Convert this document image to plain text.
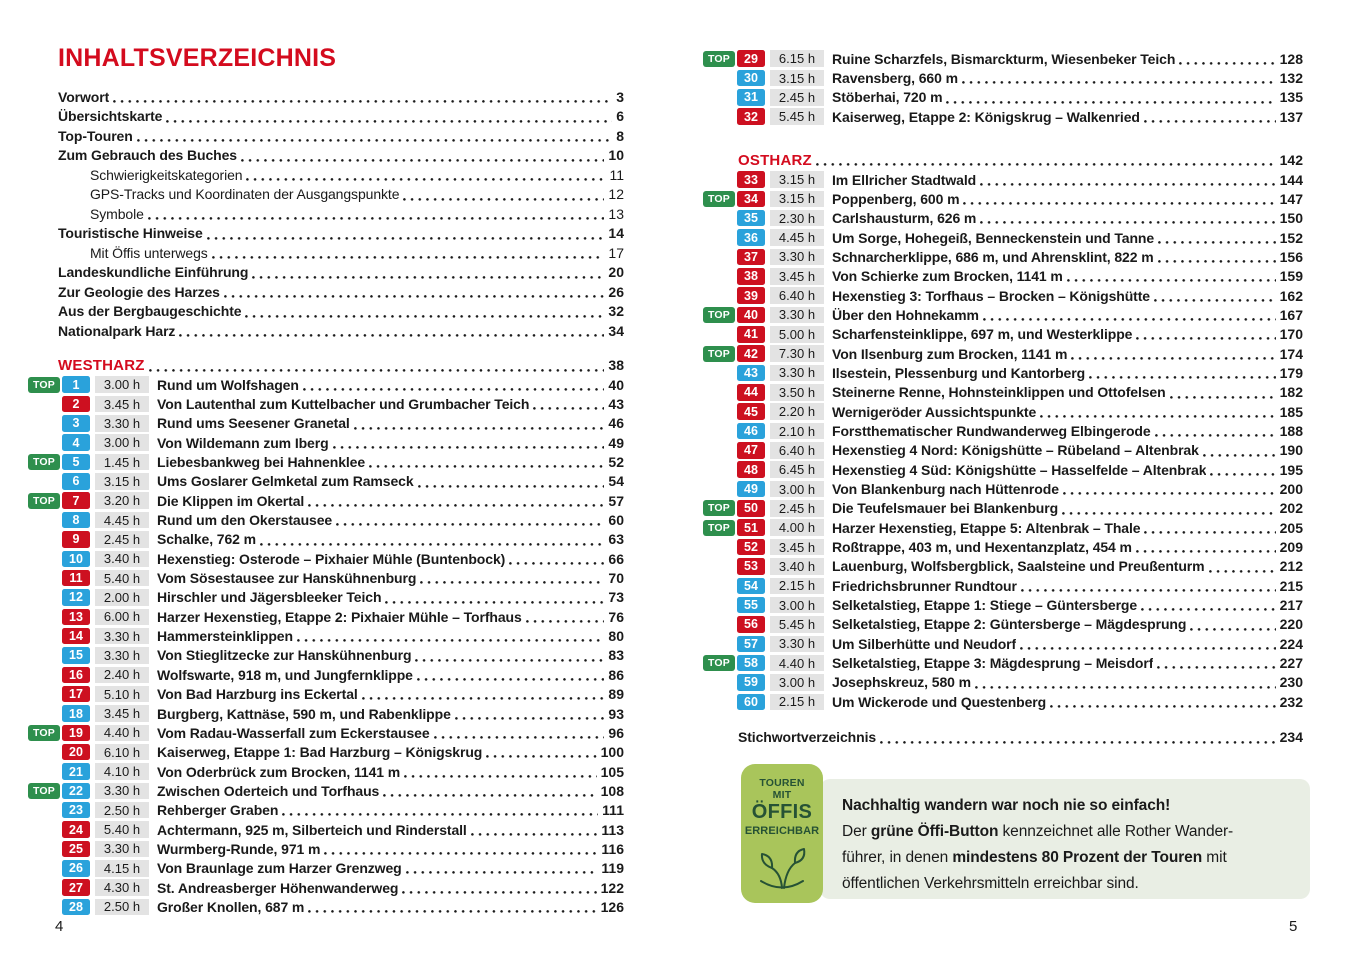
INHALTSVERZEICHNIS
Vorwort	3
Übersichtskarte	6
Top-Touren	8
Zum Gebrauch des Buches	10
Schwierigkeitskategorien	11
GPS-Tracks und Koordinaten der Ausgangspunkte	12
Symbole	13
Touristische Hinweise	14
Mit Öffis unterwegs	17
Landeskundliche Einführung	20
Zur Geologie des Harzes	26
Aus der Bergbaugeschichte	32
Nationalpark Harz	34
WESTHARZ	38
TOP	1	3.00 h	Rund um Wolfshagen	40
2	3.45 h	Von Lautenthal zum Kuttelbacher und Grumbacher Teich	43
3	3.30 h	Rund ums Seesener Granetal	46
4	3.00 h	Von Wildemann zum Iberg	49
TOP	5	1.45 h	Liebesbankweg bei Hahnenklee	52
6	3.15 h	Ums Goslarer Gelmketal zum Ramseck	54
TOP	7	3.20 h	Die Klippen im Okertal	57
8	4.45 h	Rund um den Okerstausee	60
9	2.45 h	Schalke, 762 m	63
10	3.40 h	Hexenstieg: Osterode – Pixhaier Mühle (Buntenbock)	66
11	5.40 h	Vom Sösestausee zur Hanskühnenburg	70
12	2.00 h	Hirschler und Jägersbleeker Teich	73
13	6.00 h	Harzer Hexenstieg, Etappe 2: Pixhaier Mühle – Torfhaus	76
14	3.30 h	Hammersteinklippen	80
15	3.30 h	Von Stieglitzecke zur Hanskühnenburg	83
16	2.40 h	Wolfswarte, 918 m, und Jungfernklippe	86
17	5.10 h	Von Bad Harzburg ins Eckertal	89
18	3.45 h	Burgberg, Kattnäse, 590 m, und Rabenklippe	93
TOP	19	4.40 h	Vom Radau-Wasserfall zum Eckerstausee	96
20	6.10 h	Kaiserweg, Etappe 1: Bad Harzburg – Königskrug	100
21	4.10 h	Von Oderbrück zum Brocken, 1141 m	105
TOP	22	3.30 h	Zwischen Oderteich und Torfhaus	108
23	2.50 h	Rehberger Graben	111
24	5.40 h	Achtermann, 925 m, Silberteich und Rinderstall	113
25	3.30 h	Wurmberg-Runde, 971 m	116
26	4.15 h	Von Braunlage zum Harzer Grenzweg	119
27	4.30 h	St. Andreasberger Höhenwanderweg	122
28	2.50 h	Großer Knollen, 687 m	126
TOP	29	6.15 h	Ruine Scharzfels, Bismarckturm, Wiesenbeker Teich	128
30	3.15 h	Ravensberg, 660 m	132
31	2.45 h	Stöberhai, 720 m	135
32	5.45 h	Kaiserweg, Etappe 2: Königskrug – Walkenried	137
OSTHARZ	142
33	3.15 h	Im Ellricher Stadtwald	144
TOP	34	3.15 h	Poppenberg, 600 m	147
35	2.30 h	Carlshausturm, 626 m	150
36	4.45 h	Um Sorge, Hohegeiß, Benneckenstein und Tanne	152
37	3.30 h	Schnarcherklippe, 686 m, und Ahrensklint, 822 m	156
38	3.45 h	Von Schierke zum Brocken, 1141 m	159
39	6.40 h	Hexenstieg 3: Torfhaus – Brocken – Königshütte	162
TOP	40	3.30 h	Über den Hohnekamm	167
41	5.00 h	Scharfensteinklippe, 697 m, und Westerklippe	170
TOP	42	7.30 h	Von Ilsenburg zum Brocken, 1141 m	174
43	3.30 h	Ilsestein, Plessenburg und Kantorberg	179
44	3.50 h	Steinerne Renne, Hohnsteinklippen und Ottofelsen	182
45	2.20 h	Wernigeröder Aussichtspunkte	185
46	2.10 h	Forstthematischer Rundwanderweg Elbingerode	188
47	6.40 h	Hexenstieg 4 Nord: Königshütte – Rübeland – Altenbrak	190
48	6.45 h	Hexenstieg 4 Süd: Königshütte – Hasselfelde – Altenbrak	195
49	3.00 h	Von Blankenburg nach Hüttenrode	200
TOP	50	2.45 h	Die Teufelsmauer bei Blankenburg	202
TOP	51	4.00 h	Harzer Hexenstieg, Etappe 5: Altenbrak – Thale	205
52	3.45 h	Roßtrappe, 403 m, und Hexentanzplatz, 454 m	209
53	3.40 h	Lauenburg, Wolfsbergblick, Saalsteine und Preußenturm	212
54	2.15 h	Friedrichsbrunner Rundtour	215
55	3.00 h	Selketalstieg, Etappe 1: Stiege – Güntersberge	217
56	5.45 h	Selketalstieg, Etappe 2: Güntersberge – Mägdesprung	220
57	3.30 h	Um Silberhütte und Neudorf	224
TOP	58	4.40 h	Selketalstieg, Etappe 3: Mägdesprung – Meisdorf	227
59	3.00 h	Josephskreuz, 580 m	230
60	2.15 h	Um Wickerode und Questenberg	232
Stichwortverzeichnis	234
TOUREN
MIT
ÖFFIS
ERREICHBAR

Nachhaltig wandern war noch nie so einfach!
Der grüne Öffi-Button kennzeichnet alle Rother Wander-
führer, in denen mindestens 80 Prozent der Touren mit
öffentlichen Verkehrsmitteln erreichbar sind.

4	5
